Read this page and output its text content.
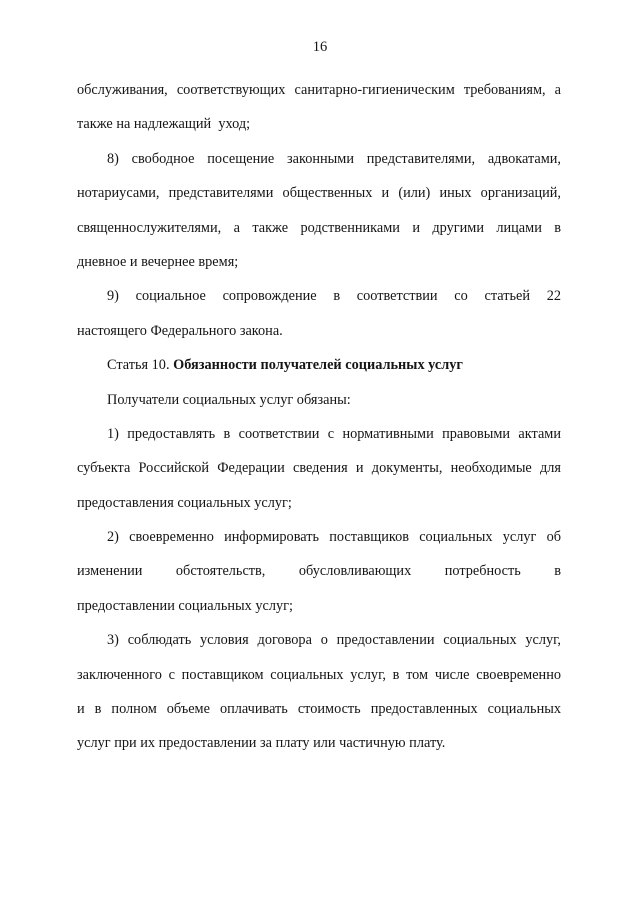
16
обслуживания, соответствующих санитарно-гигиеническим требованиям, а
также на надлежащий  уход;
8) свободное посещение законными представителями, адвокатами,
нотариусами, представителями общественных и (или) иных организаций,
священнослужителями, а также родственниками и другими лицами в
дневное и вечернее время;
9) социальное сопровождение в соответствии со статьей 22
настоящего Федерального закона.
Статья 10. Обязанности получателей социальных услуг
Получатели социальных услуг обязаны:
1) предоставлять в соответствии с нормативными правовыми актами
субъекта Российской Федерации сведения и документы, необходимые для
предоставления социальных услуг;
2) своевременно информировать поставщиков социальных услуг об
изменении обстоятельств, обусловливающих потребность в
предоставлении социальных услуг;
3) соблюдать условия договора о предоставлении социальных услуг,
заключенного с поставщиком социальных услуг, в том числе своевременно
и в полном объеме оплачивать стоимость предоставленных социальных
услуг при их предоставлении за плату или частичную плату.
